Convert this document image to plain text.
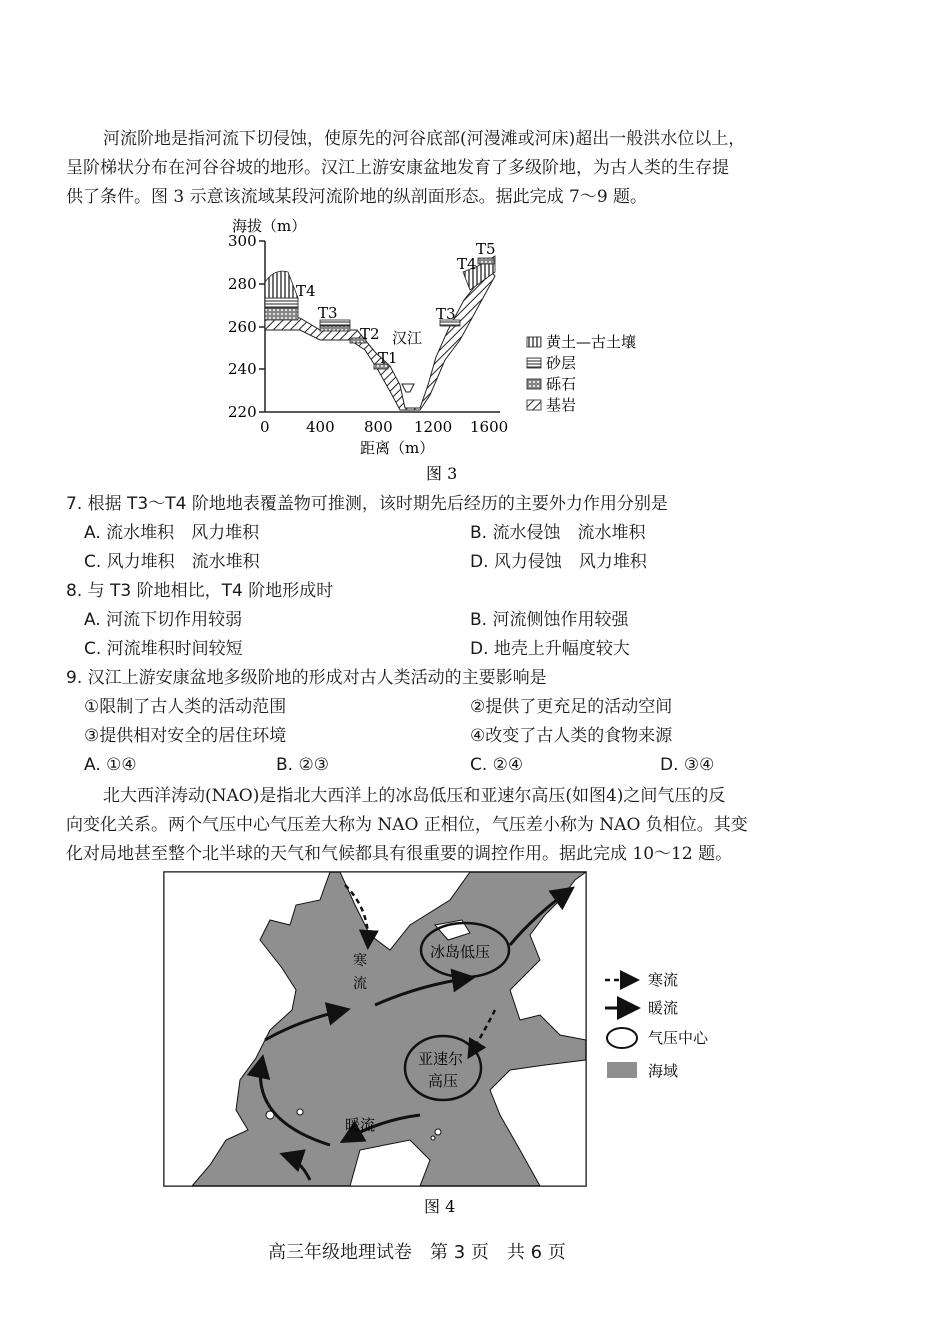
河流阶地是指河流下切侵蚀，使原先的河谷底部(河漫滩或河床)超出一般洪水位以上，
呈阶梯状分布在河谷谷坡的地形。汉江上游安康盆地发育了多级阶地，为古人类的生存提
供了条件。图 3 示意该流域某段河流阶地的纵剖面形态。据此完成 7～9 题。
海拔（m）
300
280
260
240
220
0 400 800 1200 1600
距离（m）
T4
T3
T2
T1
汉江
T3
T4
T5
黄土—古土壤
砂层
砾石
基岩
图 3
7. 根据 T3～T4 阶地地表覆盖物可推测，该时期先后经历的主要外力作用分别是
A. 流水堆积　风力堆积	B. 流水侵蚀　流水堆积
C. 风力堆积　流水堆积	D. 风力侵蚀　风力堆积
8. 与 T3 阶地相比，T4 阶地形成时
A. 河流下切作用较弱	B. 河流侧蚀作用较强
C. 河流堆积时间较短	D. 地壳上升幅度较大
9. 汉江上游安康盆地多级阶地的形成对古人类活动的主要影响是
①限制了古人类的活动范围	②提供了更充足的活动空间
③提供相对安全的居住环境	④改变了古人类的食物来源
A. ①④	B. ②③	C. ②④	D. ③④
北大西洋涛动(NAO)是指北大西洋上的冰岛低压和亚速尔高压(如图4)之间气压的反
向变化关系。两个气压中心气压差大称为 NAO 正相位，气压差小称为 NAO 负相位。其变
化对局地甚至整个北半球的天气和气候都具有很重要的调控作用。据此完成 10～12 题。
冰岛低压
亚速尔
高压
寒
流
暖流
寒流
暖流
气压中心
海域
图 4
高三年级地理试卷　第 3 页　共 6 页
